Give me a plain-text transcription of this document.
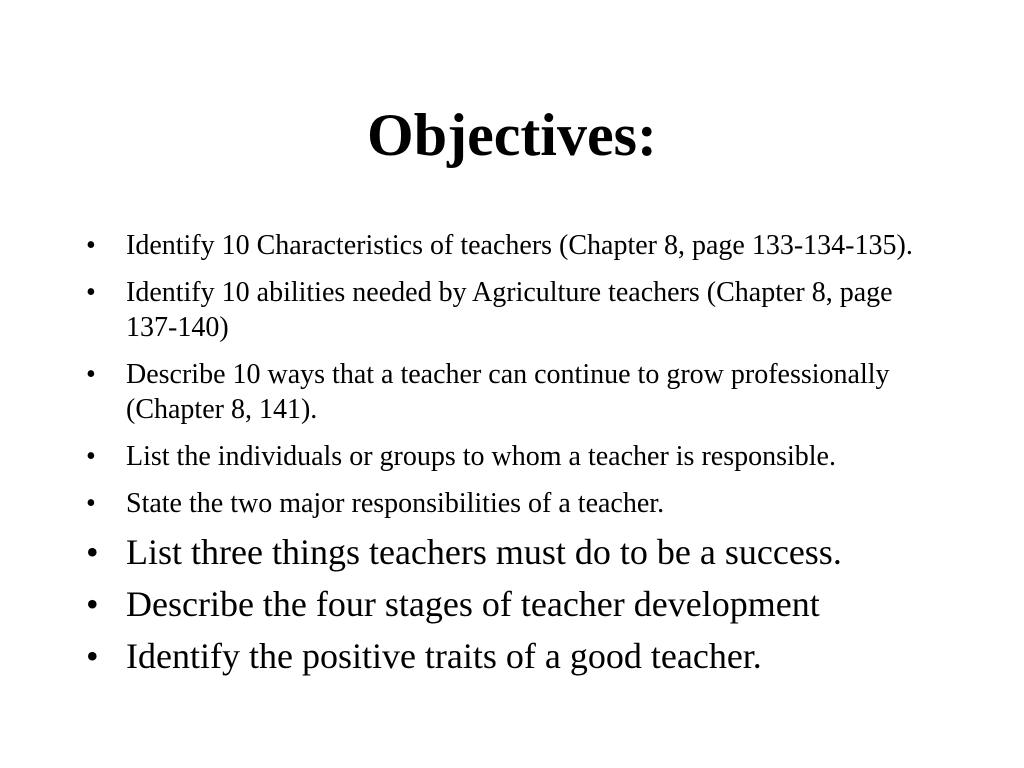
Objectives:
• Identify 10 Characteristics of teachers (Chapter 8, page 133-134-135).
• Identify 10 abilities needed by Agriculture teachers (Chapter 8, page 137-140)
• Describe 10 ways that a teacher can continue to grow professionally (Chapter 8, 141).
• List the individuals or groups to whom a teacher is responsible.
• State the two major responsibilities of a teacher.
• List three things teachers must do to be a success.
• Describe the four stages of teacher development
• Identify the positive traits of a good teacher.
